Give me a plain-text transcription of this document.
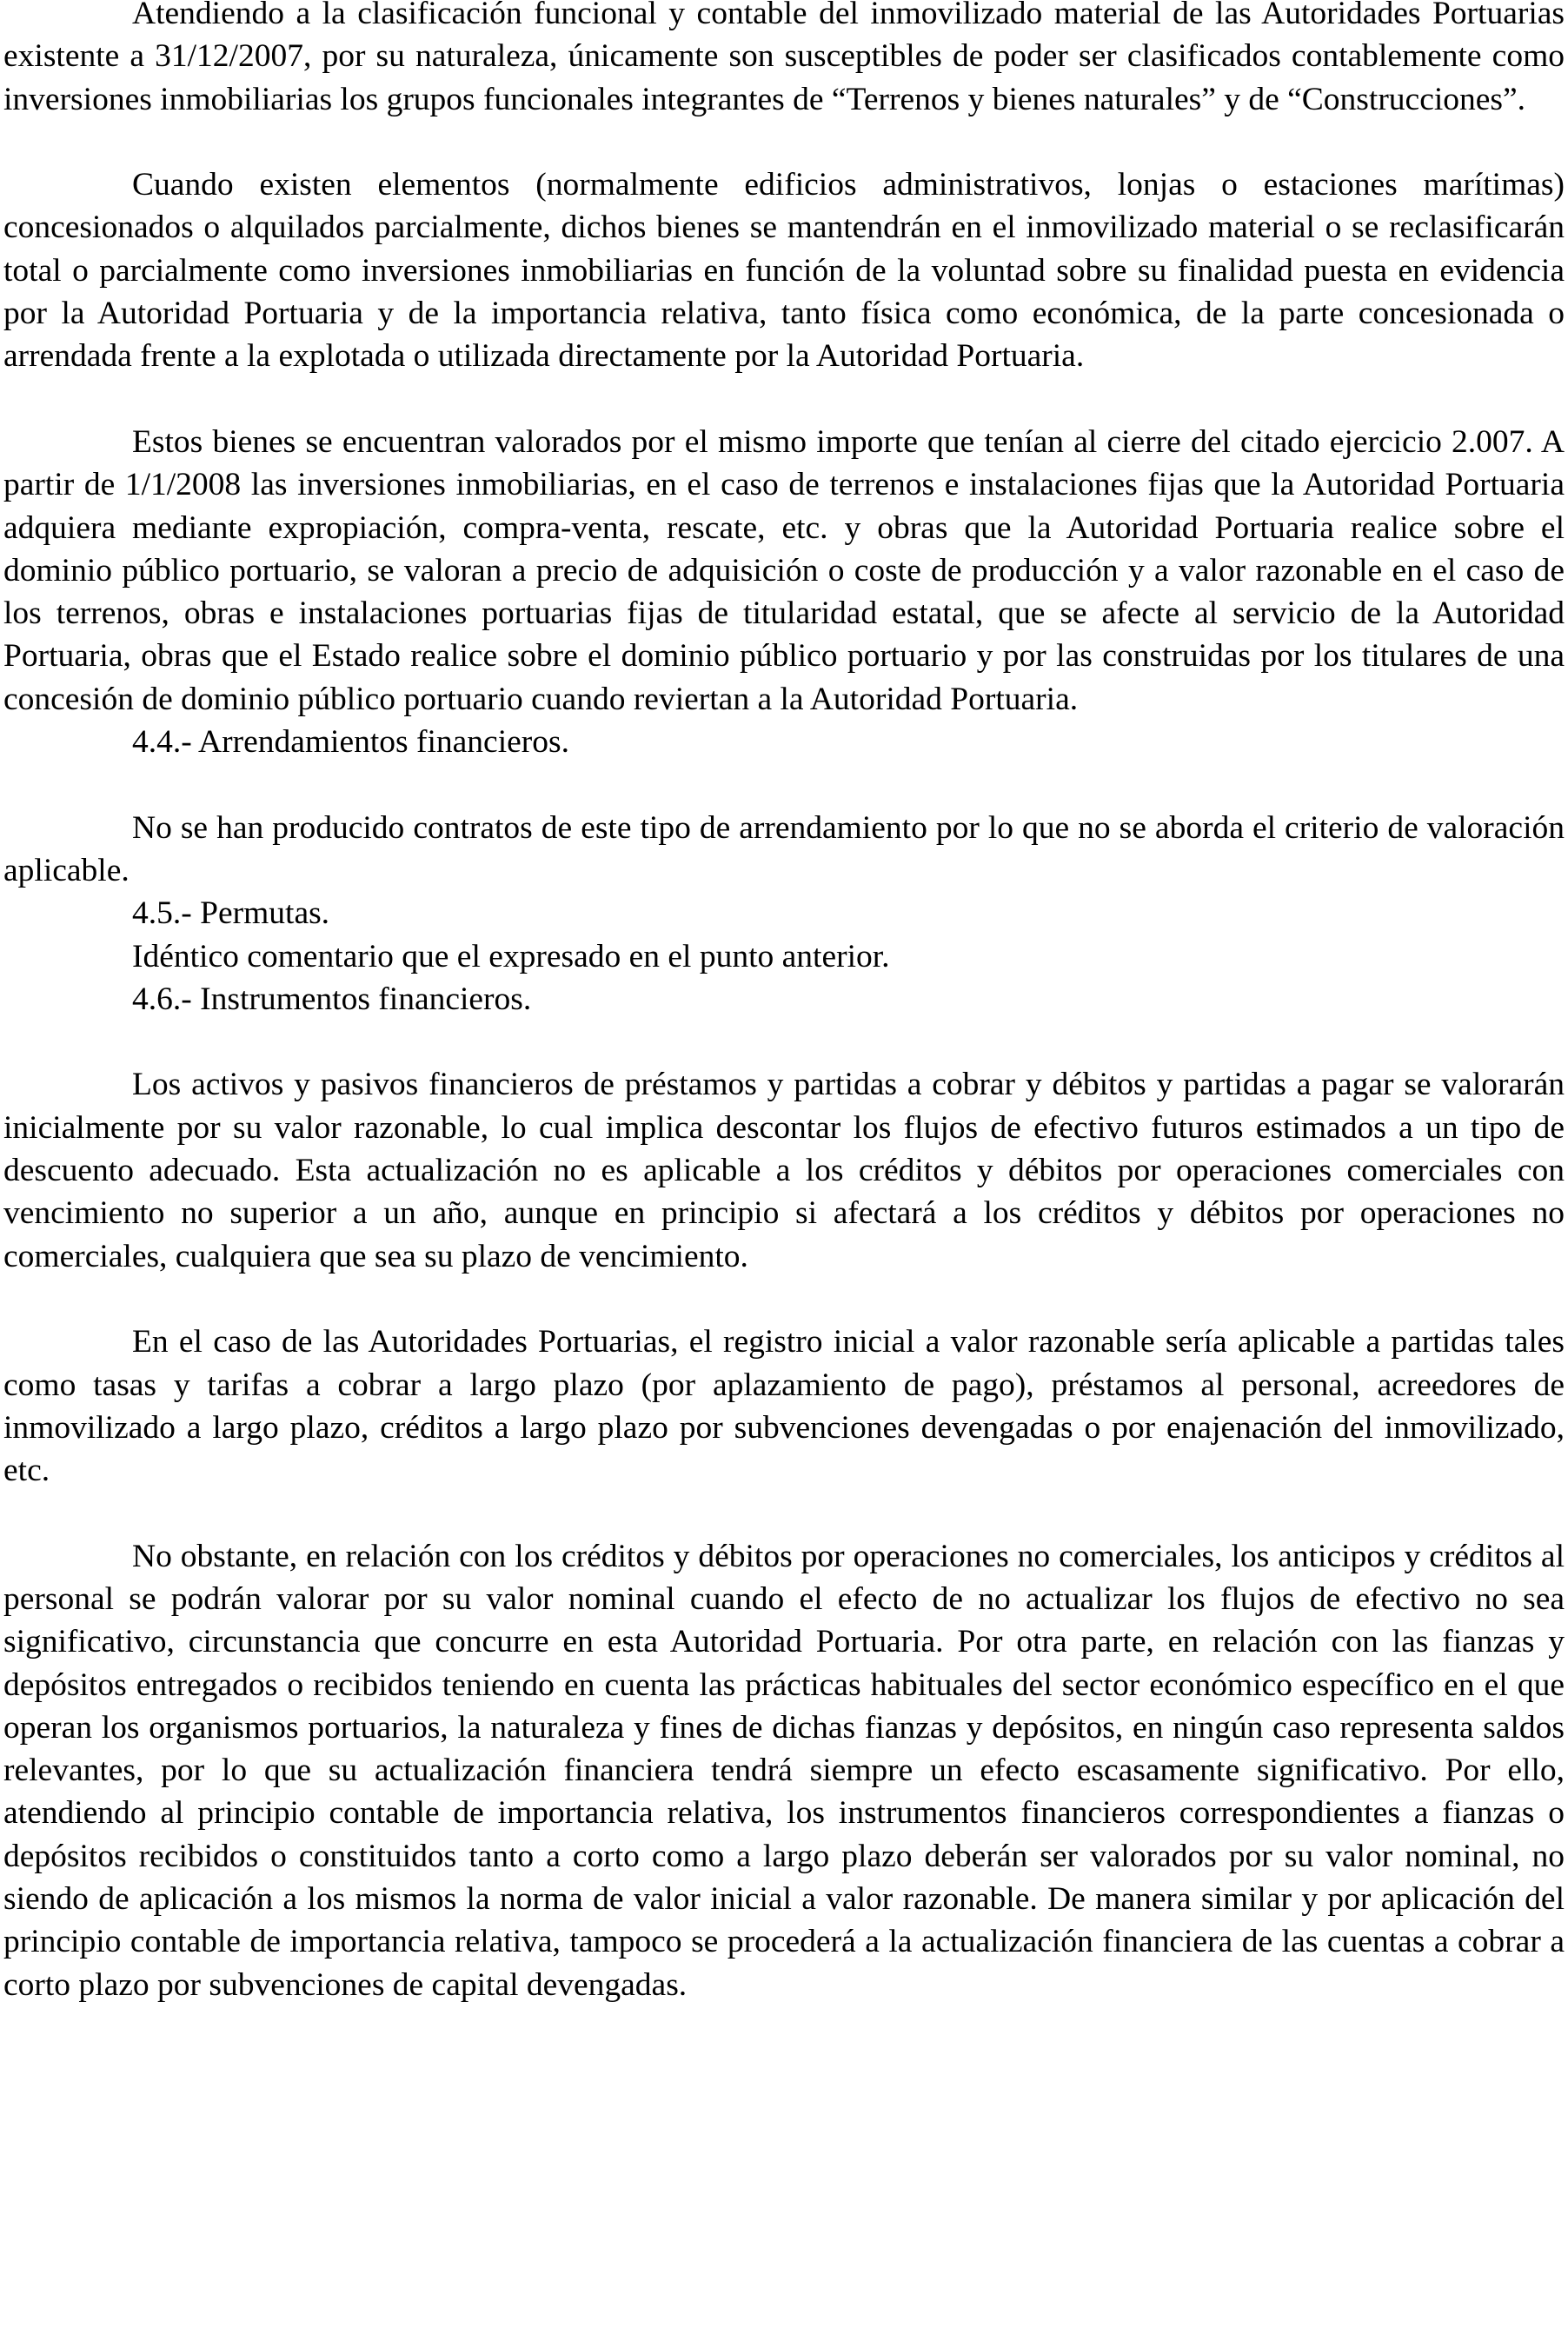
Atendiendo a la clasificación funcional y contable del inmovilizado material de las Autoridades Portuarias existente a 31/12/2007, por su naturaleza, únicamente son susceptibles de poder ser clasificados contablemente como inversiones inmobiliarias los grupos funcionales integrantes de “Terrenos y bienes naturales” y de “Construcciones”.

Cuando existen elementos (normalmente edificios administrativos, lonjas o estaciones marítimas) concesionados o alquilados parcialmente, dichos bienes se mantendrán en el inmovilizado material o se reclasificarán total o parcialmente como inversiones inmobiliarias en función de la voluntad sobre su finalidad puesta en evidencia por la Autoridad Portuaria y de la importancia relativa, tanto física como económica, de la parte concesionada o arrendada frente a la explotada o utilizada directamente por la Autoridad Portuaria.

Estos bienes se encuentran valorados por el mismo importe que tenían al cierre del citado ejercicio 2.007. A partir de 1/1/2008 las inversiones inmobiliarias, en el caso de terrenos e instalaciones fijas que la Autoridad Portuaria adquiera mediante expropiación, compra-venta, rescate, etc. y obras que la Autoridad Portuaria realice sobre el dominio público portuario, se valoran a precio de adquisición o coste de producción y a valor razonable en el caso de los terrenos, obras e instalaciones portuarias fijas de titularidad estatal, que se afecte al servicio de la Autoridad Portuaria, obras que el Estado realice sobre el dominio público portuario y por las construidas por los titulares de una concesión de dominio público portuario cuando reviertan a la Autoridad Portuaria.

4.4.- Arrendamientos financieros.

No se han producido contratos de este tipo de arrendamiento por lo que no se aborda el criterio de valoración aplicable.

4.5.- Permutas.

Idéntico comentario que el expresado en el punto anterior.

4.6.- Instrumentos financieros.

Los activos y pasivos financieros de préstamos y partidas a cobrar y débitos y partidas a pagar se valorarán inicialmente por su valor razonable, lo cual implica descontar los flujos de efectivo futuros estimados a un tipo de descuento adecuado. Esta actualización no es aplicable a los créditos y débitos por operaciones comerciales con vencimiento no superior a un año, aunque en principio si afectará a los créditos y débitos por operaciones no comerciales, cualquiera que sea su plazo de vencimiento.

En el caso de las Autoridades Portuarias, el registro inicial a valor razonable sería aplicable a partidas tales como tasas y tarifas a cobrar a largo plazo (por aplazamiento de pago), préstamos al personal, acreedores de inmovilizado a largo plazo, créditos a largo plazo por subvenciones devengadas o por enajenación del inmovilizado, etc.

No obstante, en relación con los créditos y débitos por operaciones no comerciales, los anticipos y créditos al personal se podrán valorar por su valor nominal cuando el efecto de no actualizar los flujos de efectivo no sea significativo, circunstancia que concurre en esta Autoridad Portuaria. Por otra parte, en relación con las fianzas y depósitos entregados o recibidos teniendo en cuenta las prácticas habituales del sector económico específico en el que operan los organismos portuarios, la naturaleza y fines de dichas fianzas y depósitos, en ningún caso representa saldos relevantes, por lo que su actualización financiera tendrá siempre un efecto escasamente significativo. Por ello, atendiendo al principio contable de importancia relativa, los instrumentos financieros correspondientes a fianzas o depósitos recibidos o constituidos tanto a corto como a largo plazo deberán ser valorados por su valor nominal, no siendo de aplicación a los mismos la norma de valor inicial a valor razonable. De manera similar y por aplicación del principio contable de importancia relativa, tampoco se procederá a la actualización financiera de las cuentas a cobrar a corto plazo por subvenciones de capital devengadas.
